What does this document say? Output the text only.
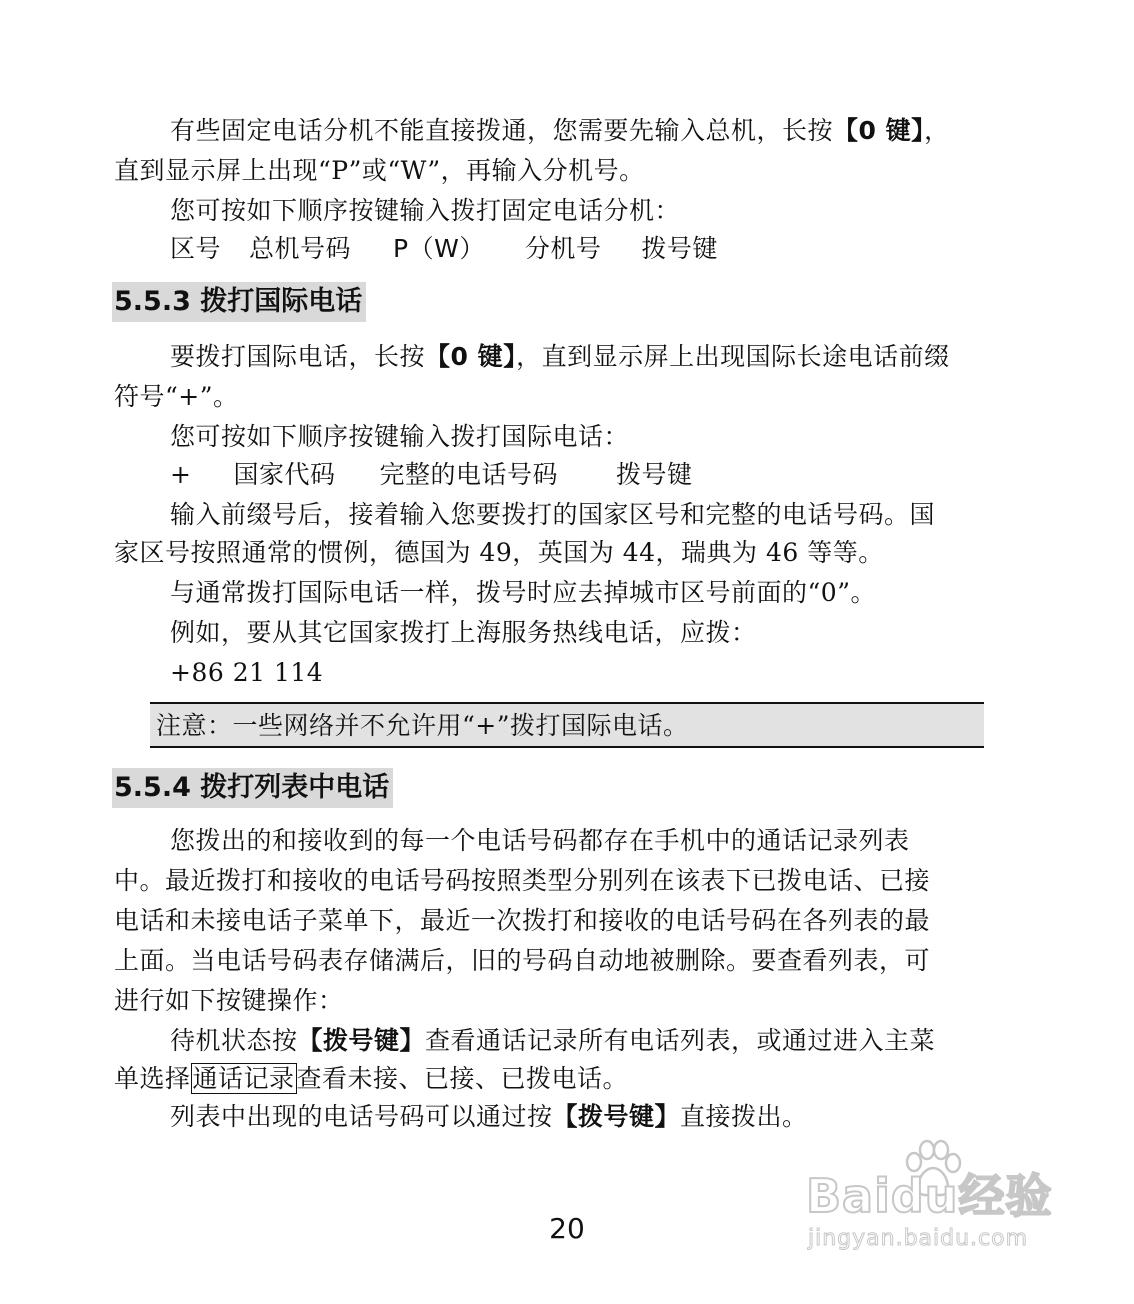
有些固定电话分机不能直接拨通，您需要先输入总机，长按【0 键】，
直到显示屏上出现“P”或“W”，再输入分机号。
您可按如下顺序按键输入拨打固定电话分机：
区号 总机号码 P（W） 分机号 拨号键
5.5.3 拨打国际电话
要拨打国际电话，长按【0 键】，直到显示屏上出现国际长途电话前缀
符号“+”。
您可按如下顺序按键输入拨打国际电话：
+ 国家代码 完整的电话号码 拨号键
输入前缀号后，接着输入您要拨打的国家区号和完整的电话号码。国
家区号按照通常的惯例，德国为 49，英国为 44，瑞典为 46 等等。
与通常拨打国际电话一样，拨号时应去掉城市区号前面的“0”。
例如，要从其它国家拨打上海服务热线电话，应拨：
+86 21 114
注意：一些网络并不允许用“+”拨打国际电话。
5.5.4 拨打列表中电话
您拨出的和接收到的每一个电话号码都存在手机中的通话记录列表
中。最近拨打和接收的电话号码按照类型分别列在该表下已拨电话、已接
电话和未接电话子菜单下，最近一次拨打和接收的电话号码在各列表的最
上面。当电话号码表存储满后，旧的号码自动地被删除。要查看列表，可
进行如下按键操作：
待机状态按【拨号键】查看通话记录所有电话列表，或通过进入主菜
单选择通话记录查看未接、已接、已拨电话。
列表中出现的电话号码可以通过按【拨号键】直接拨出。
Baidu经验
jingyan.baidu.com
20
